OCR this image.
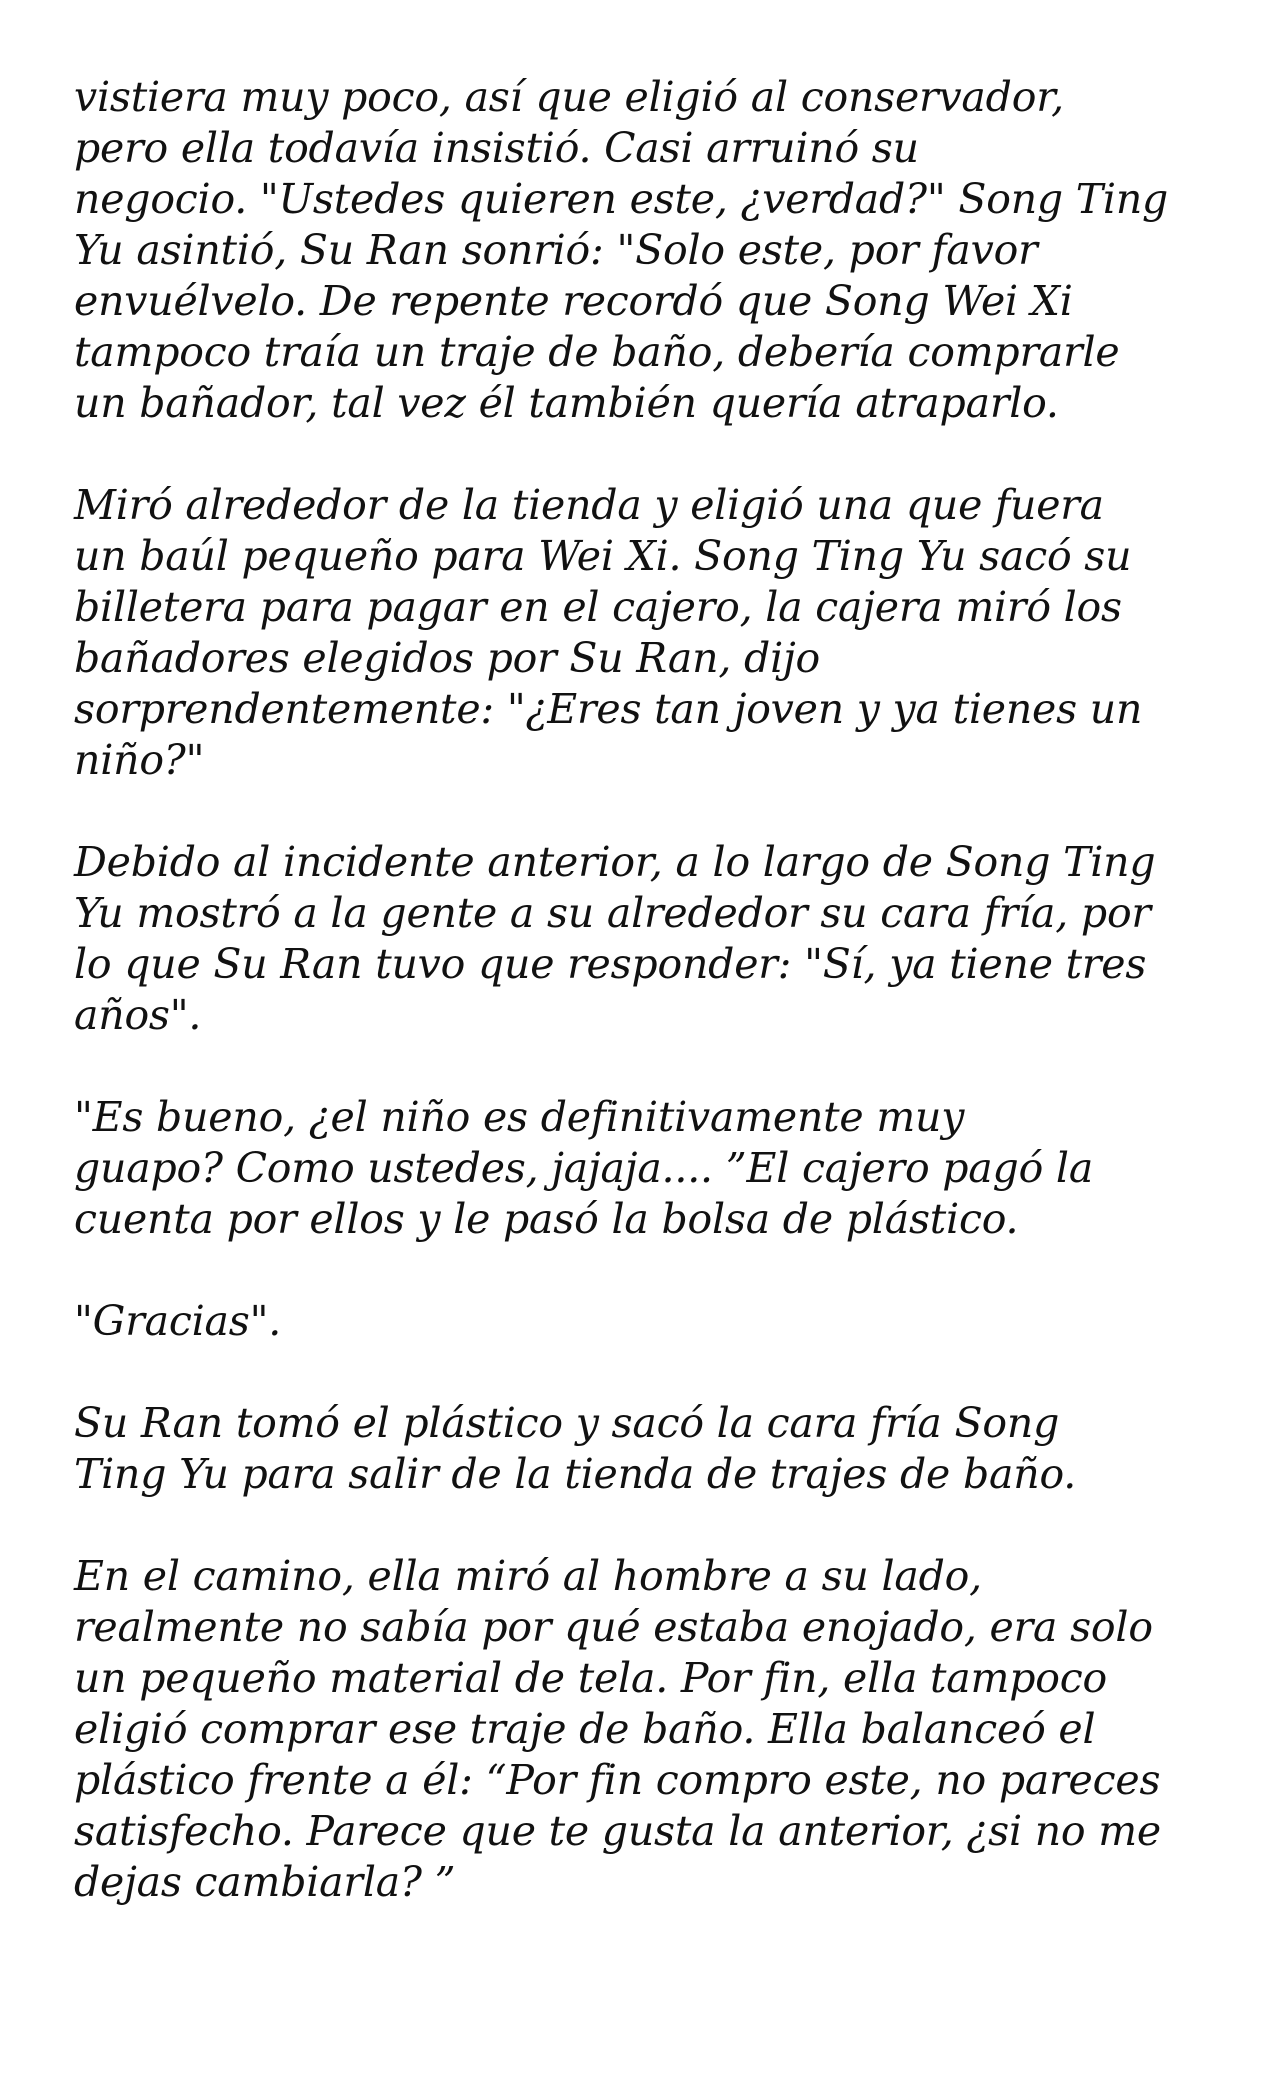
vistiera muy poco, así que eligió al conservador,
pero ella todavía insistió. Casi arruinó su
negocio. "Ustedes quieren este, ¿verdad?" Song Ting
Yu asintió, Su Ran sonrió: "Solo este, por favor
envuélvelo. De repente recordó que Song Wei Xi
tampoco traía un traje de baño, debería comprarle
un bañador, tal vez él también quería atraparlo.
Miró alrededor de la tienda y eligió una que fuera
un baúl pequeño para Wei Xi. Song Ting Yu sacó su
billetera para pagar en el cajero, la cajera miró los
bañadores elegidos por Su Ran, dijo
sorprendentemente: "¿Eres tan joven y ya tienes un
niño?"
Debido al incidente anterior, a lo largo de Song Ting
Yu mostró a la gente a su alrededor su cara fría, por
lo que Su Ran tuvo que responder: "Sí, ya tiene tres
años".
"Es bueno, ¿el niño es definitivamente muy
guapo? Como ustedes, jajaja.... ”El cajero pagó la
cuenta por ellos y le pasó la bolsa de plástico.
"Gracias".
Su Ran tomó el plástico y sacó la cara fría Song
Ting Yu para salir de la tienda de trajes de baño.
En el camino, ella miró al hombre a su lado,
realmente no sabía por qué estaba enojado, era solo
un pequeño material de tela. Por fin, ella tampoco
eligió comprar ese traje de baño. Ella balanceó el
plástico frente a él: “Por fin compro este, no pareces
satisfecho. Parece que te gusta la anterior, ¿si no me
dejas cambiarla? ”
